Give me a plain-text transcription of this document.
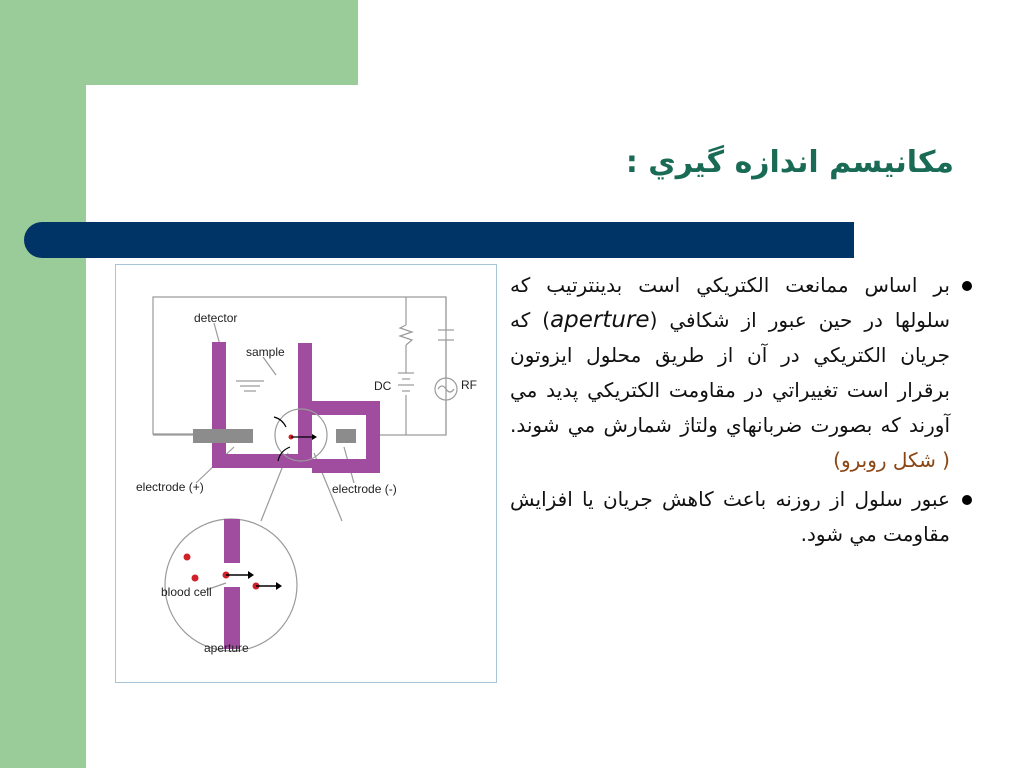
مكانيسم اندازه گيري :
detector
sample
DC	RF
electrode (+)	electrode (-)
blood cell
aperture
بر اساس ممانعت الكتريكي است بدينترتيب كه سلولها در حين عبور از شكافي (aperture) كه جريان الكتريكي در آن از طريق محلول ايزوتون برقرار است تغييراتي در مقاومت الكتريكي پديد مي آورند كه بصورت ضربانهاي ولتاژ شمارش مي شوند. ( شكل روبرو)
عبور سلول از روزنه باعث كاهش جريان يا افزايش مقاومت مي شود.
